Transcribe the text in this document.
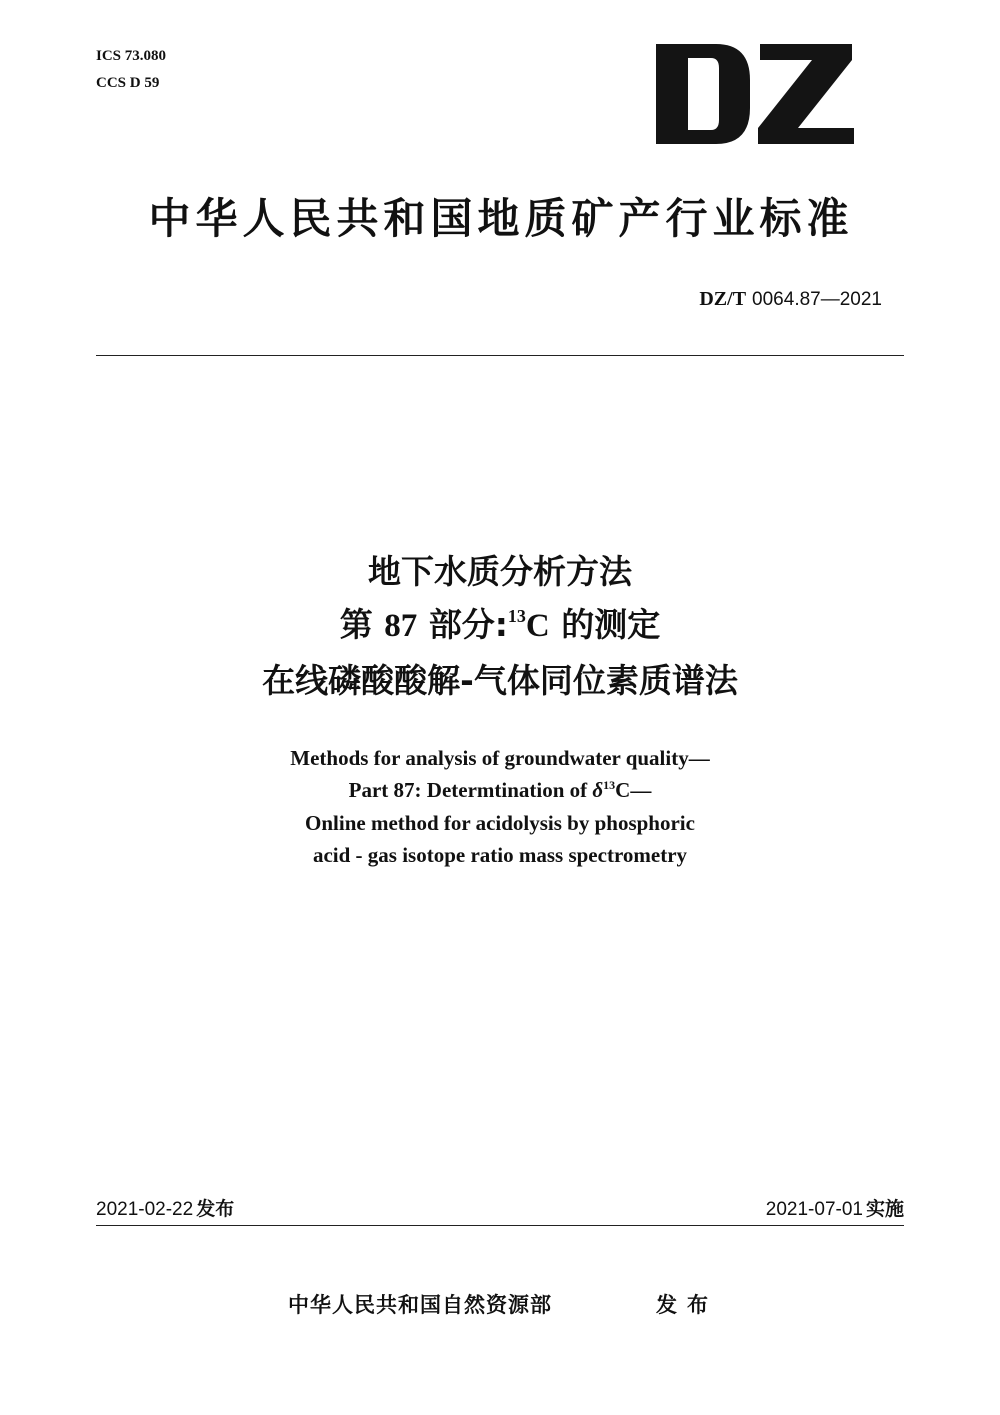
ICS 73.080
CCS D 59
中华人民共和国地质矿产行业标准
DZ/T 0064.87—2021
地下水质分析方法
第 87 部分:$^{13}$C 的测定
在线磷酸酸解-气体同位素质谱法
Methods for analysis of groundwater quality—
Part 87: Determtination of $\delta^{13}C—$
Online method for acidolysis by phosphoric
acid - gas isotope ratio mass spectrometry
2021-02-22 发布	2021-07-01 实施
中华人民共和国自然资源部	发布
